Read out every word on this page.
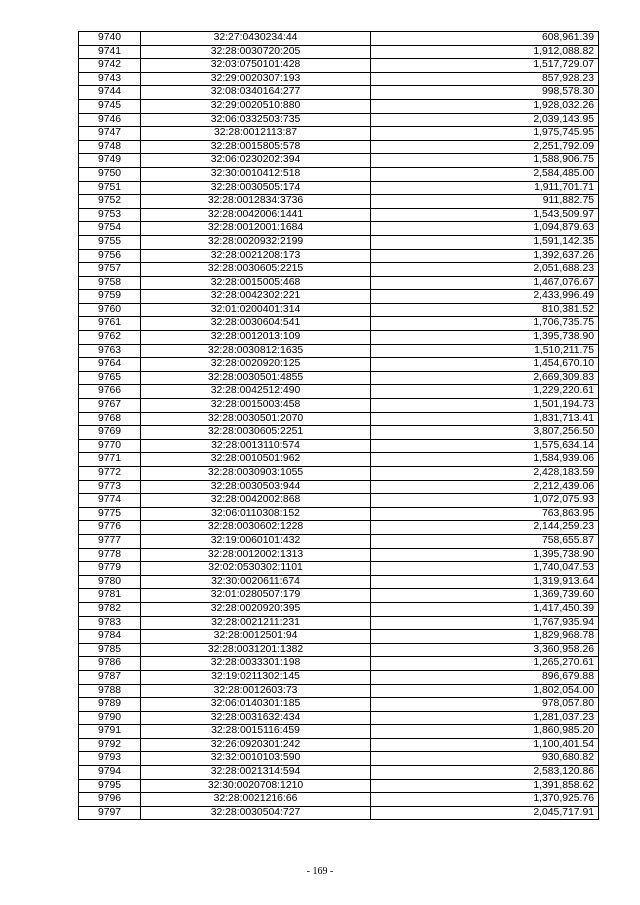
9740	32:27:0430234:44	608,961.39
9741	32:28:0030720:205	1,912,088.82
9742	32:03:0750101:428	1,517,729.07
9743	32:29:0020307:193	857,928.23
9744	32:08:0340164:277	998,578.30
9745	32:29:0020510:880	1,928,032.26
9746	32:06:0332503:735	2,039,143.95
9747	32:28:0012113:87	1,975,745.95
9748	32:28:0015805:578	2,251,792.09
9749	32:06:0230202:394	1,588,906.75
9750	32:30:0010412:518	2,584,485.00
9751	32:28:0030505:174	1,911,701.71
9752	32:28:0012834:3736	911,882.75
9753	32:28:0042006:1441	1,543,509.97
9754	32:28:0012001:1684	1,094,879.63
9755	32:28:0020932:2199	1,591,142.35
9756	32:28:0021208:173	1,392,637.26
9757	32:28:0030605:2215	2,051,688.23
9758	32:28:0015005:468	1,467,076.67
9759	32:28:0042302:221	2,433,996.49
9760	32:01:0200401:314	810,381.52
9761	32:28:0030604:541	1,706,735.75
9762	32:28:0012013:109	1,395,738.90
9763	32:28:0030812:1635	1,510,211.75
9764	32:28:0020920:125	1,454,670.10
9765	32:28:0030501:4855	2,669,309.83
9766	32:28:0042512:490	1,229,220.61
9767	32:28:0015003:458	1,501,194.73
9768	32:28:0030501:2070	1,831,713.41
9769	32:28:0030605:2251	3,807,256.50
9770	32:28:0013110:574	1,575,634.14
9771	32:28:0010501:962	1,584,939.06
9772	32:28:0030903:1055	2,428,183.59
9773	32:28:0030503:944	2,212,439.06
9774	32:28:0042002:868	1,072,075.93
9775	32:06:0110308:152	763,863.95
9776	32:28:0030602:1228	2,144,259.23
9777	32:19:0060101:432	758,655.87
9778	32:28:0012002:1313	1,395,738.90
9779	32:02:0530302:1101	1,740,047.53
9780	32:30:0020611:674	1,319,913.64
9781	32:01:0280507:179	1,369,739.60
9782	32:28:0020920:395	1,417,450.39
9783	32:28:0021211:231	1,767,935.94
9784	32:28:0012501:94	1,829,968.78
9785	32:28:0031201:1382	3,360,958.26
9786	32:28:0033301:198	1,265,270.61
9787	32:19:0211302:145	896,679.88
9788	32:28:0012603:73	1,802,054.00
9789	32:06:0140301:185	978,057.80
9790	32:28:0031632:434	1,281,037.23
9791	32:28:0015116:459	1,860,985.20
9792	32:26:0920301:242	1,100,401.54
9793	32:32:0010103:590	930,680.82
9794	32:28:0021314:594	2,583,120.86
9795	32:30:0020708:1210	1,391,858.62
9796	32:28:0021216:66	1,370,925.76
9797	32:28:0030504:727	2,045,717.91
- 169 -
